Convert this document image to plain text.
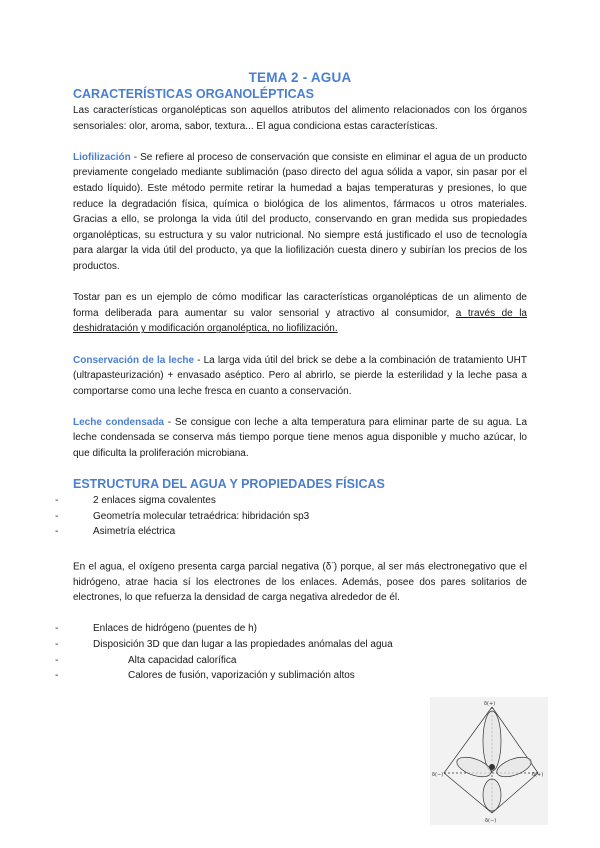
TEMA 2 - AGUA
CARACTERÍSTICAS ORGANOLÉPTICAS

Las características organolépticas son aquellos atributos del alimento relacionados con los órganos sensoriales: olor, aroma, sabor, textura... El agua condiciona estas características.

Liofilización - Se refiere al proceso de conservación que consiste en eliminar el agua de un producto previamente congelado mediante sublimación (paso directo del agua sólida a vapor, sin pasar por el estado líquido). Este método permite retirar la humedad a bajas temperaturas y presiones, lo que reduce la degradación física, química o biológica de los alimentos, fármacos u otros materiales. Gracias a ello, se prolonga la vida útil del producto, conservando en gran medida sus propiedades organolépticas, su estructura y su valor nutricional. No siempre está justificado el uso de tecnología para alargar la vida útil del producto, ya que la liofilización cuesta dinero y subirían los precios de los productos.

Tostar pan es un ejemplo de cómo modificar las características organolépticas de un alimento de forma deliberada para aumentar su valor sensorial y atractivo al consumidor, a través de la deshidratación y modificación organoléptica, no liofilización.

Conservación de la leche - La larga vida útil del brick se debe a la combinación de tratamiento UHT (ultrapasteurización) + envasado aséptico. Pero al abrirlo, se pierde la esterilidad y la leche pasa a comportarse como una leche fresca en cuanto a conservación.

Leche condensada - Se consigue con leche a alta temperatura para eliminar parte de su agua. La leche condensada se conserva más tiempo porque tiene menos agua disponible y mucho azúcar, lo que dificulta la proliferación microbiana.

ESTRUCTURA DEL AGUA Y PROPIEDADES FÍSICAS
- 2 enlaces sigma covalentes
- Geometría molecular tetraédrica: hibridación sp3
- Asimetría eléctrica

En el agua, el oxígeno presenta carga parcial negativa (δ-) porque, al ser más electronegativo que el hidrógeno, atrae hacia sí los electrones de los enlaces. Además, posee dos pares solitarios de electrones, lo que refuerza la densidad de carga negativa alrededor de él.

- Enlaces de hidrógeno (puentes de h)
- Disposición 3D que dan lugar a las propiedades anómalas del agua
- Alta capacidad calorífica
- Calores de fusión, vaporización y sublimación altos
δ(+)
δ(−)	δ(+)
δ(−)
